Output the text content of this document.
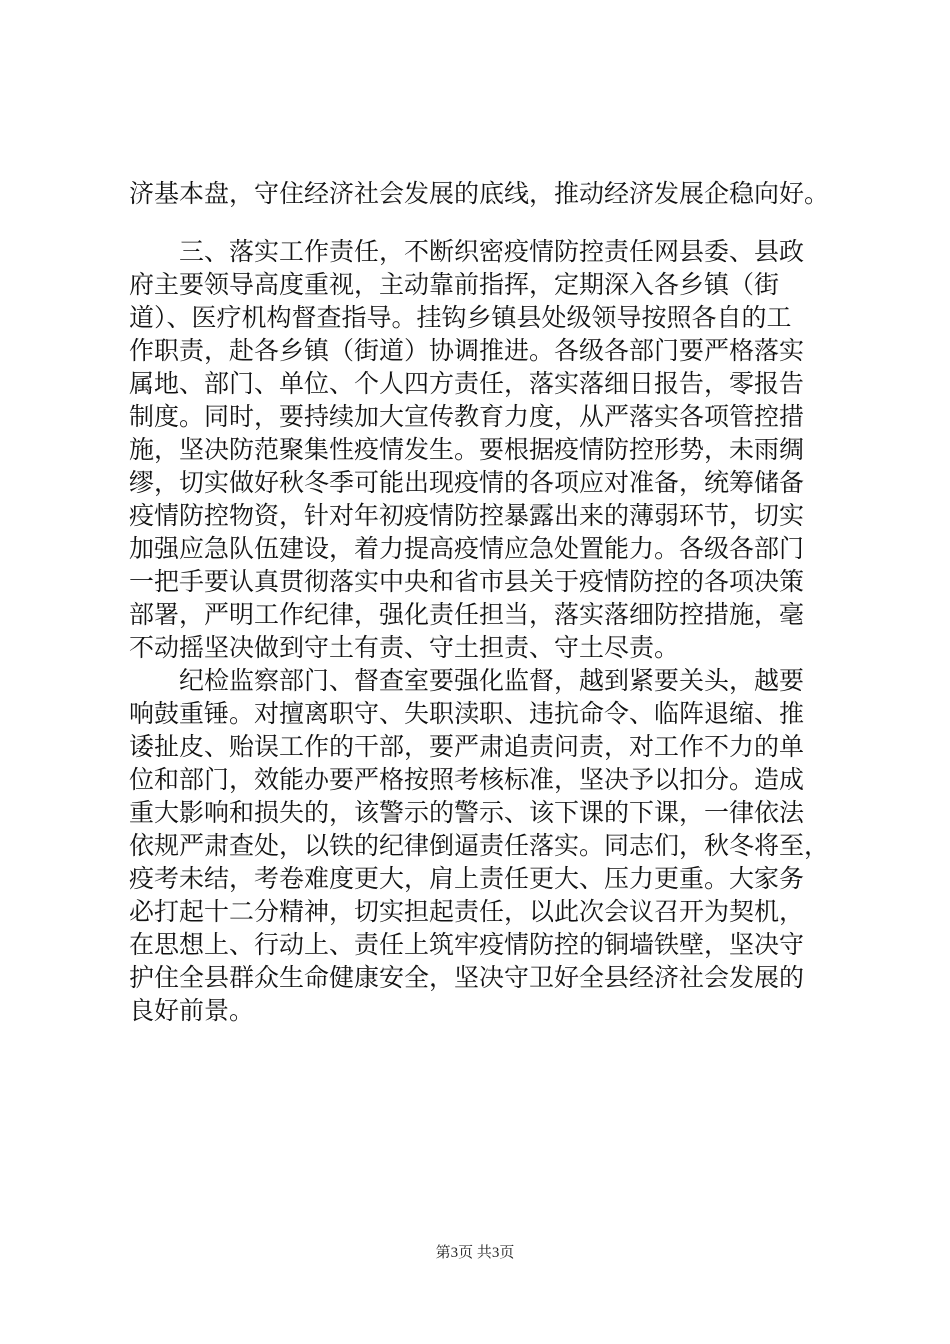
济基本盘，守住经济社会发展的底线，推动经济发展企稳向好。
　　三、落实工作责任，不断织密疫情防控责任网县委、县政
府主要领导高度重视，主动靠前指挥，定期深入各乡镇（街
道）、医疗机构督查指导。挂钩乡镇县处级领导按照各自的工
作职责，赴各乡镇（街道）协调推进。各级各部门要严格落实
属地、部门、单位、个人四方责任，落实落细日报告，零报告
制度。同时，要持续加大宣传教育力度，从严落实各项管控措
施，坚决防范聚集性疫情发生。要根据疫情防控形势，未雨绸
缪，切实做好秋冬季可能出现疫情的各项应对准备，统筹储备
疫情防控物资，针对年初疫情防控暴露出来的薄弱环节，切实
加强应急队伍建设，着力提高疫情应急处置能力。各级各部门
一把手要认真贯彻落实中央和省市县关于疫情防控的各项决策
部署，严明工作纪律，强化责任担当，落实落细防控措施，毫
不动摇坚决做到守土有责、守土担责、守土尽责。
　　纪检监察部门、督查室要强化监督，越到紧要关头，越要
响鼓重锤。对擅离职守、失职渎职、违抗命令、临阵退缩、推
诿扯皮、贻误工作的干部，要严肃追责问责，对工作不力的单
位和部门，效能办要严格按照考核标准，坚决予以扣分。造成
重大影响和损失的，该警示的警示、该下课的下课，一律依法
依规严肃查处，以铁的纪律倒逼责任落实。同志们，秋冬将至，
疫考未结，考卷难度更大，肩上责任更大、压力更重。大家务
必打起十二分精神，切实担起责任，以此次会议召开为契机，
在思想上、行动上、责任上筑牢疫情防控的铜墙铁壁，坚决守
护住全县群众生命健康安全，坚决守卫好全县经济社会发展的
良好前景。
第3页 共3页
